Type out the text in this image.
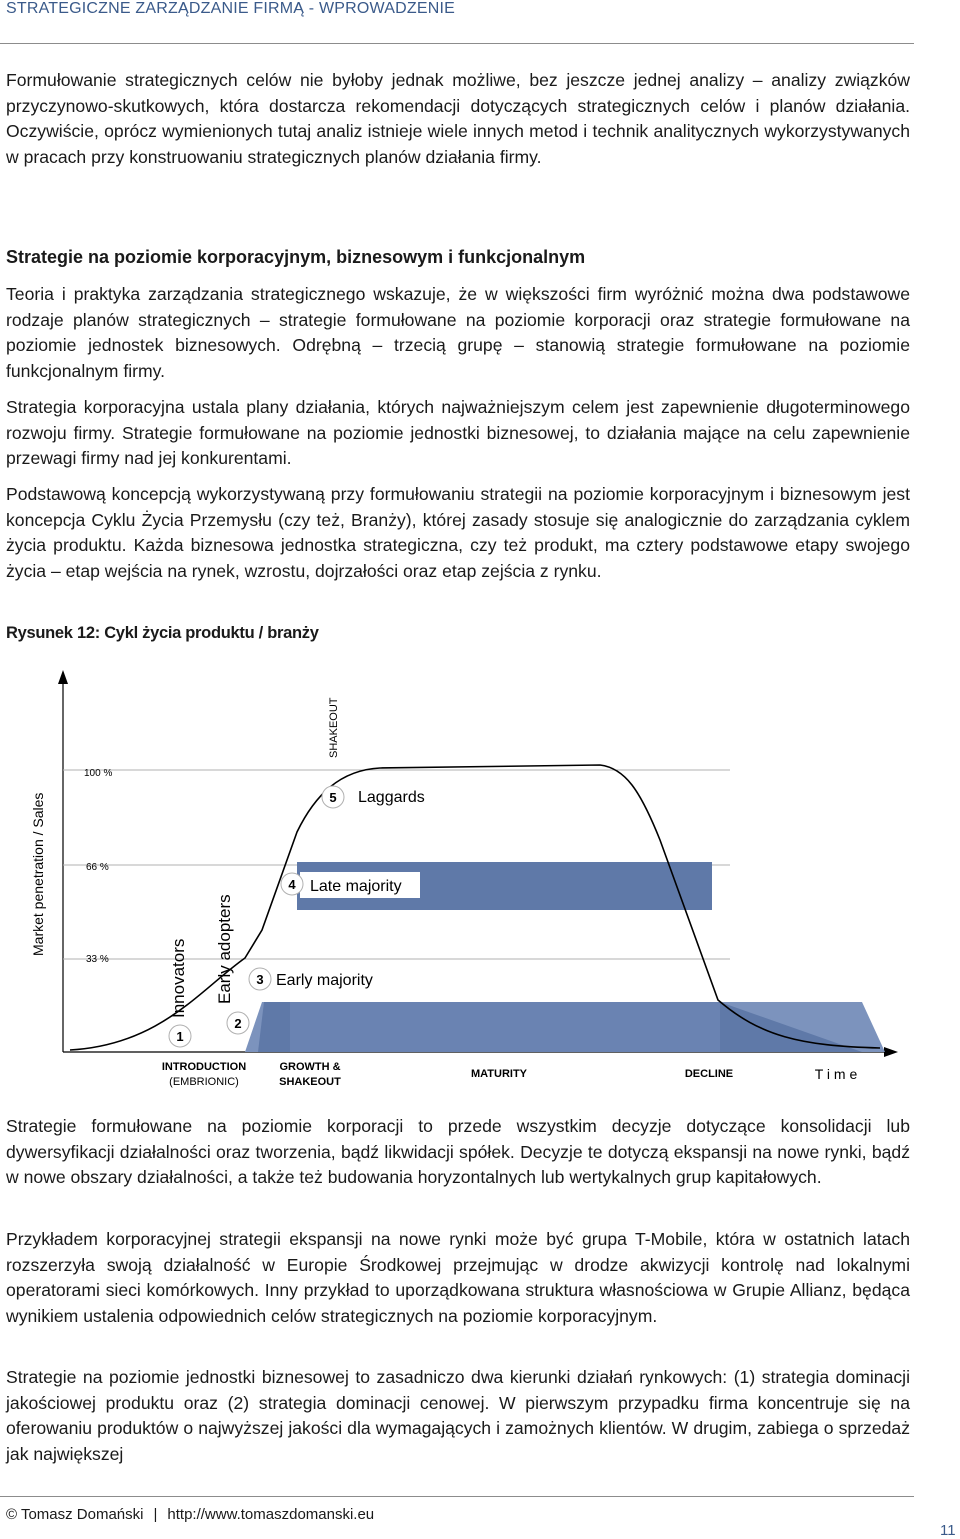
STRATEGICZNE ZARZĄDZANIE FIRMĄ - WPROWADZENIE

Formułowanie strategicznych celów nie byłoby jednak możliwe, bez jeszcze jednej analizy – analizy związków przyczynowo-skutkowych, która dostarcza rekomendacji dotyczących strategicznych celów i planów działania. Oczywiście, oprócz wymienionych tutaj analiz istnieje wiele innych metod i technik analitycznych wykorzystywanych w pracach przy konstruowaniu strategicznych planów działania firmy.

Strategie na poziomie korporacyjnym, biznesowym i funkcjonalnym

Teoria i praktyka zarządzania strategicznego wskazuje, że w większości firm wyróżnić można dwa podstawowe rodzaje planów strategicznych – strategie formułowane na poziomie korporacji oraz strategie formułowane na poziomie jednostek biznesowych. Odrębną – trzecią grupę – stanowią strategie formułowane na poziomie funkcjonalnym firmy.

Strategia korporacyjna ustala plany działania, których najważniejszym celem jest zapewnienie długoterminowego rozwoju firmy. Strategie formułowane na poziomie jednostki biznesowej, to działania mające na celu zapewnienie przewagi firmy nad jej konkurentami.

Podstawową koncepcją wykorzystywaną przy formułowaniu strategii na poziomie korporacyjnym i biznesowym jest koncepcja Cyklu Życia Przemysłu (czy też, Branży), której zasady stosuje się analogicznie do zarządzania cyklem życia produktu. Każda biznesowa jednostka strategiczna, czy też produkt, ma cztery podstawowe etapy swojego życia – etap wejścia na rynek, wzrostu, dojrzałości oraz etap zejścia z rynku.

Rysunek 12: Cykl życia produktu / branży

100 %
66 %
33 %
Market penetration / Sales
SHAKEOUT
1
Innovators
2
Early adopters 3 Early majority
4 Late majority
5 Laggards
INTRODUCTION
(EMBRIONIC)
GROWTH &
SHAKEOUT
MATURITY	DECLINE	T i m e

Strategie formułowane na poziomie korporacji to przede wszystkim decyzje dotyczące konsolidacji lub dywersyfikacji działalności oraz tworzenia, bądź likwidacji spółek. Decyzje te dotyczą ekspansji na nowe rynki, bądź w nowe obszary działalności, a także też budowania horyzontalnych lub wertykalnych grup kapitałowych.

Przykładem korporacyjnej strategii ekspansji na nowe rynki może być grupa T-Mobile, która w ostatnich latach rozszerzyła swoją działalność w Europie Środkowej przejmując w drodze akwizycji kontrolę nad lokalnymi operatorami sieci komórkowych. Inny przykład to uporządkowana struktura własnościowa w Grupie Allianz, będąca wynikiem ustalenia odpowiednich celów strategicznych na poziomie korporacyjnym.

Strategie na poziomie jednostki biznesowej to zasadniczo dwa kierunki działań rynkowych: (1) strategia dominacji jakościowej produktu oraz (2) strategia dominacji cenowej. W pierwszym przypadku firma koncentruje się na oferowaniu produktów o najwyższej jakości dla wymagających i zamożnych klientów. W drugim, zabiega o sprzedaż jak największej

© Tomasz Domański | http://www.tomaszdomanski.eu
11
